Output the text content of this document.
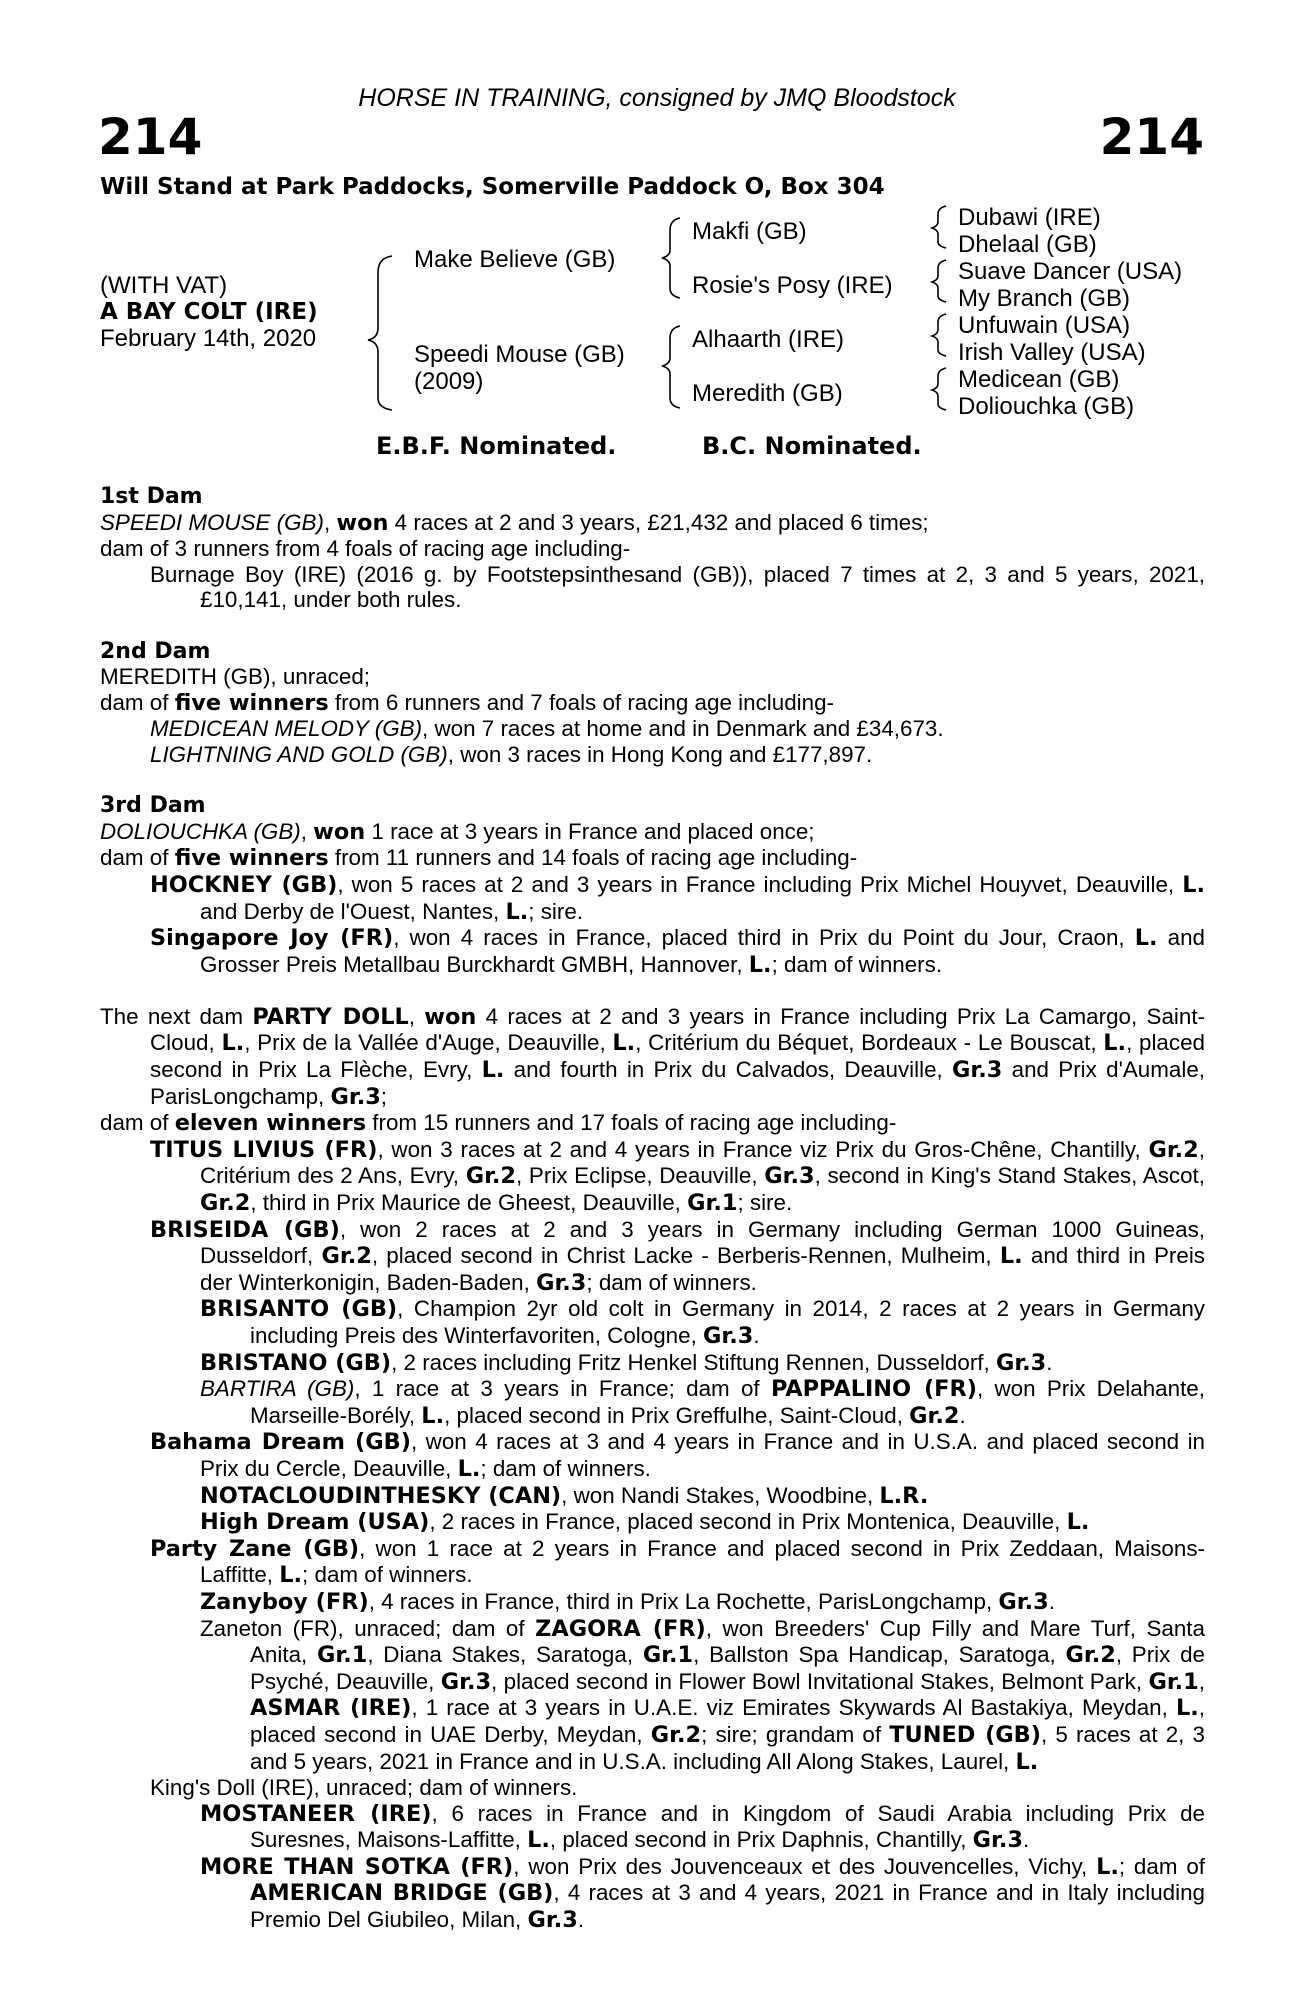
HORSE IN TRAINING, consigned by JMQ Bloodstock
214	214
Will Stand at Park Paddocks, Somerville Paddock O, Box 304
(WITH VAT)
A BAY COLT (IRE)
February 14th, 2020
Make Believe (GB)
Speedi Mouse (GB)
(2009)
Makfi (GB)
Rosie's Posy (IRE)
Alhaarth (IRE)
Meredith (GB)
Dubawi (IRE)
Dhelaal (GB)
Suave Dancer (USA)
My Branch (GB)
Unfuwain (USA)
Irish Valley (USA)
Medicean (GB)
Doliouchka (GB)
E.B.F. Nominated.	B.C. Nominated.

1st Dam

SPEEDI MOUSE (GB), won 4 races at 2 and 3 years, £21,432 and placed 6 times;

dam of 3 runners from 4 foals of racing age including-

Burnage Boy (IRE) (2016 g. by Footstepsinthesand (GB)), placed 7 times at 2, 3 and 5 years, 2021, £10,141, under both rules.

2nd Dam

MEREDITH (GB), unraced;

dam of five winners from 6 runners and 7 foals of racing age including-

MEDICEAN MELODY (GB), won 7 races at home and in Denmark and £34,673.

LIGHTNING AND GOLD (GB), won 3 races in Hong Kong and £177,897.

3rd Dam

DOLIOUCHKA (GB), won 1 race at 3 years in France and placed once;

dam of five winners from 11 runners and 14 foals of racing age including-

HOCKNEY (GB), won 5 races at 2 and 3 years in France including Prix Michel Houyvet, Deauville, L. and Derby de l'Ouest, Nantes, L.; sire.

Singapore Joy (FR), won 4 races in France, placed third in Prix du Point du Jour, Craon, L. and Grosser Preis Metallbau Burckhardt GMBH, Hannover, L.; dam of winners.

The next dam PARTY DOLL, won 4 races at 2 and 3 years in France including Prix La Camargo, Saint-Cloud, L., Prix de la Vallée d'Auge, Deauville, L., Critérium du Béquet, Bordeaux - Le Bouscat, L., placed second in Prix La Flèche, Evry, L. and fourth in Prix du Calvados, Deauville, Gr.3 and Prix d'Aumale, ParisLongchamp, Gr.3;

dam of eleven winners from 15 runners and 17 foals of racing age including-

TITUS LIVIUS (FR), won 3 races at 2 and 4 years in France viz Prix du Gros-Chêne, Chantilly, Gr.2, Critérium des 2 Ans, Evry, Gr.2, Prix Eclipse, Deauville, Gr.3, second in King's Stand Stakes, Ascot, Gr.2, third in Prix Maurice de Gheest, Deauville, Gr.1; sire.

BRISEIDA (GB), won 2 races at 2 and 3 years in Germany including German 1000 Guineas, Dusseldorf, Gr.2, placed second in Christ Lacke - Berberis-Rennen, Mulheim, L. and third in Preis der Winterkonigin, Baden-Baden, Gr.3; dam of winners.

BRISANTO (GB), Champion 2yr old colt in Germany in 2014, 2 races at 2 years in Germany including Preis des Winterfavoriten, Cologne, Gr.3.

BRISTANO (GB), 2 races including Fritz Henkel Stiftung Rennen, Dusseldorf, Gr.3.

BARTIRA (GB), 1 race at 3 years in France; dam of PAPPALINO (FR), won Prix Delahante, Marseille-Borély, L., placed second in Prix Greffulhe, Saint-Cloud, Gr.2.

Bahama Dream (GB), won 4 races at 3 and 4 years in France and in U.S.A. and placed second in Prix du Cercle, Deauville, L.; dam of winners.

NOTACLOUDINTHESKY (CAN), won Nandi Stakes, Woodbine, L.R.

High Dream (USA), 2 races in France, placed second in Prix Montenica, Deauville, L.

Party Zane (GB), won 1 race at 2 years in France and placed second in Prix Zeddaan, Maisons-Laffitte, L.; dam of winners.

Zanyboy (FR), 4 races in France, third in Prix La Rochette, ParisLongchamp, Gr.3.

Zaneton (FR), unraced; dam of ZAGORA (FR), won Breeders' Cup Filly and Mare Turf, Santa Anita, Gr.1, Diana Stakes, Saratoga, Gr.1, Ballston Spa Handicap, Saratoga, Gr.2, Prix de Psyché, Deauville, Gr.3, placed second in Flower Bowl Invitational Stakes, Belmont Park, Gr.1, ASMAR (IRE), 1 race at 3 years in U.A.E. viz Emirates Skywards Al Bastakiya, Meydan, L., placed second in UAE Derby, Meydan, Gr.2; sire; grandam of TUNED (GB), 5 races at 2, 3 and 5 years, 2021 in France and in U.S.A. including All Along Stakes, Laurel, L.

King's Doll (IRE), unraced; dam of winners.

MOSTANEER (IRE), 6 races in France and in Kingdom of Saudi Arabia including Prix de Suresnes, Maisons-Laffitte, L., placed second in Prix Daphnis, Chantilly, Gr.3.

MORE THAN SOTKA (FR), won Prix des Jouvenceaux et des Jouvencelles, Vichy, L.; dam of AMERICAN BRIDGE (GB), 4 races at 3 and 4 years, 2021 in France and in Italy including Premio Del Giubileo, Milan, Gr.3.
